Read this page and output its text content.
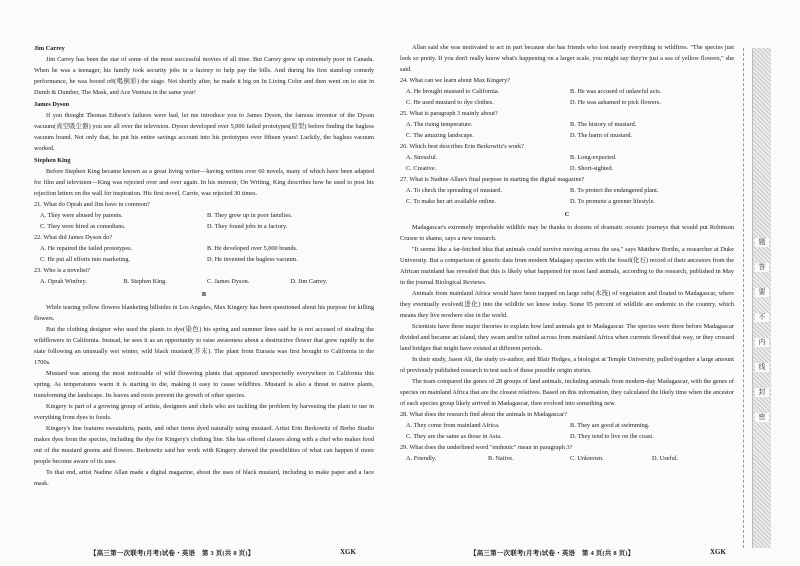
Jim Carrey

Jim Carrey has been the star of some of the most successful movies of all time. But Carrey grew up extremely poor in Canada. When he was a teenager, his family took security jobs in a factory to help pay the bills. And during his first stand-up comedy performance, he was booed off(喝倒彩) the stage. Not shortly after, he made it big on In Living Color and then went on to star in Dumb & Dumber, The Mask, and Ace Ventura in the same year!

James Dyson

If you thought Thomas Edison's failures were bad, let me introduce you to James Dyson, the famous inventor of the Dyson vacuum(真空吸尘器) you see all over the television. Dyson developed over 5,000 failed prototypes(原型) before finding the bagless vacuum brand. Not only that, he put his entire savings account into his prototypes over fifteen years! Luckily, the bagless vacuum worked.

Stephen King

Before Stephen King became known as a great living writer—having written over 60 novels, many of which have been adapted for film and television—King was rejected over and over again. In his memoir, On Writing, King describes how he used to post his rejection letters on the wall for inspiration. His first novel, Carrie, was rejected 30 times.

21. What do Oprah and Jim have in common?

A. They were abused by parents.	B. They grew up in poor families.
C. They were hired as comedians.	D. They found jobs in a factory.

22. What did James Dyson do?

A. He repaired the failed prototypes.	B. He developed over 5,000 brands.
C. He put all efforts into marketing.	D. He invented the bagless vacuum.

23. Who is a novelist?

A. Oprah Winfrey.	B. Stephen King.	C. James Dyson.	D. Jim Carrey.

B

While tearing yellow flowers blanketing hillsides in Los Angeles, Max Kingery has been questioned about his purpose for killing flowers.

But the clothing designer who used the plants to dye(染色) his spring and summer lines said he is not accused of stealing the wildflowers in California. Instead, he sees it as an opportunity to raise awareness about a destructive flower that grew rapidly in the state following an unusually wet winter, wild black mustard(芥末). The plant from Eurasia was first brought to California in the 1700s.

Mustard was among the most noticeable of wild flowering plants that appeared unexpectedly everywhere in California this spring. As temperatures warm it is starting to die, making it easy to cause wildfires. Mustard is also a threat to native plants, transforming the landscape. Its leaves and roots prevent the growth of other species.

Kingery is part of a growing group of artists, designers and chefs who are tackling the problem by harvesting the plant to use in everything from dyes to foods.

Kingery's line features sweatshirts, pants, and other items dyed naturally using mustard. Artist Erin Berkowitz of Berbo Studio makes dyes from the species, including the dye for Kingery's clothing line. She has offered classes along with a chef who makes food out of the mustard greens and flowers. Berkowitz said her work with Kingery showed the possibilities of what can happen if more people become aware of its uses.

To that end, artist Nadine Allan made a digital magazine, about the uses of black mustard, including to make paper and a face mask.

【高三第一次联考(月考)试卷・英语　第 3 页(共 8 页)】	XGK

Allan said she was motivated to act in part because she has friends who lost nearly everything to wildfires. "The species just look so pretty. If you don't really know what's happening on a larger scale, you might say they're just a sea of yellow flowers," she said.

24. What can we learn about Max Kingery?

A. He brought mustard to California.	B. He was accused of unlawful acts.
C. He used mustard to dye clothes.	D. He was ashamed to pick flowers.

25. What is paragraph 3 mainly about?

A. The rising temperature.	B. The history of mustard.
C. The amazing landscape.	D. The harm of mustard.

26. Which best describes Erin Berkowitz's work?

A. Stressful.	B. Long-expected.
C. Creative.	D. Short-sighted.

27. What is Nadine Allan's final purpose in starting the digital magazine?

A. To check the spreading of mustard.	B. To protect the endangered plant.
C. To make her art available online.	D. To promote a greener lifestyle.

C

Madagascar's extremely improbable wildlife may be thanks to dozens of dramatic oceanic journeys that would put Robinson Crusoe to shame, says a new research.

"It seems like a far-fetched idea that animals could survive moving across the sea," says Matthew Borths, a researcher at Duke University. But a comparison of genetic data from modern Malagasy species with the fossil(化石) record of their ancestors from the African mainland has revealed that this is likely what happened for most land animals, according to the research, published in May in the journal Biological Reviews.

Animals from mainland Africa would have been trapped on large rafts(木筏) of vegetation and floated to Madagascar, where they eventually evolved(进化) into the wildlife we know today. Some 95 percent of wildlife are endemic to the country, which means they live nowhere else in the world.

Scientists have three major theories to explain how land animals got to Madagascar. The species were there before Madagascar divided and became an island, they swam and/or rafted across from mainland Africa when currents flowed that way, or they crossed land bridges that might have existed at different periods.

In their study, Jason Ali, the study co-author, and Blair Hedges, a biologist at Temple University, pulled together a large amount of previously published research to test each of these possible origin stories.

The team compared the genes of 28 groups of land animals, including animals from modern-day Madagascar, with the genes of species on mainland Africa that are the closest relatives. Based on this information, they calculated the likely time when the ancestor of each species group likely arrived in Madagascar, then evolved into something new.

28. What does the research find about the animals in Madagascar?

A. They come from mainland Africa.	B. They are good at swimming.
C. They are the same as those in Asia.	D. They tend to live on the coast.

29. What does the underlined word "endemic" mean in paragraph 3?

A. Friendly.	B. Native.	C. Unknown.	D. Useful.
【高三第一次联考(月考)试卷・英语　第 4 页(共 8 页)】	XGK
题
答
要
不
内
线
封
密
